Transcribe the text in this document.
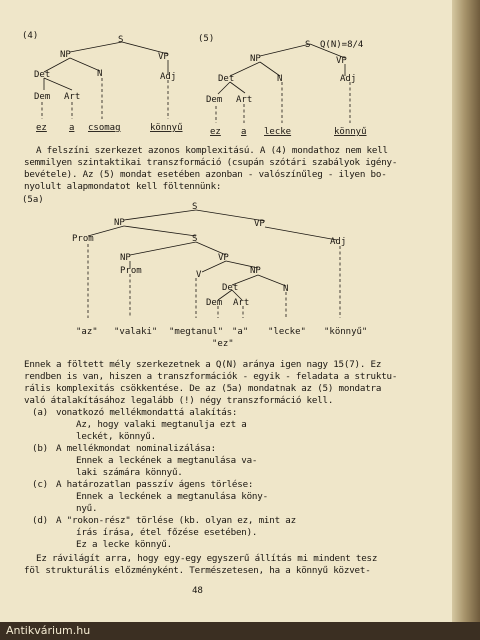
(4)	S
NP	VP
Det	N	Adj
Dem Art
ez a csomag	könnyű
(5)
S Q(N)=8/4
NP	VP
Det	N	Adj
Dem Art
ez a lecke	könnyű
(5a)
S
NP	VP
Prom	S	Adj
NP	VP
Prom	V	NP
Det	N
Dem Art
"az" "valaki" "megtanul" "a" "lecke" "könnyű"
"ez"
A felszíni szerkezet azonos komplexitású. A (4) mondathoz nem kell
semmilyen szintaktikai transzformáció (csupán szótári szabályok igény-
bevétele). Az (5) mondat esetében azonban - valószínűleg - ilyen bo-
nyolult alapmondatot kell föltennünk:
Ennek a föltett mély szerkezetnek a Q(N) aránya igen nagy 15(7). Ez
rendben is van, hiszen a transzformációk - egyik - feladata a struktu-
rális komplexitás csökkentése. De az (5a) mondatnak az (5) mondatra
való átalakításához legalább (!) négy transzformáció kell.
(a) vonatkozó mellékmondattá alakítás:
Az, hogy valaki megtanulja ezt a
leckét, könnyű.
(b) A mellékmondat nominalizálása:
Ennek a leckének a megtanulása va-
laki számára könnyű.
(c) A határozatlan passzív ágens törlése:
Ennek a leckének a megtanulása köny-
nyű.
(d) A "rokon-rész" törlése (kb. olyan ez, mint az
írás írása, étel főzése esetében).
Ez a lecke könnyű.
Ez rávilágít arra, hogy egy-egy egyszerű állítás mi mindent tesz
föl strukturális előzményként. Természetesen, ha a könnyű közvet-
48
Antikvárium.hu
